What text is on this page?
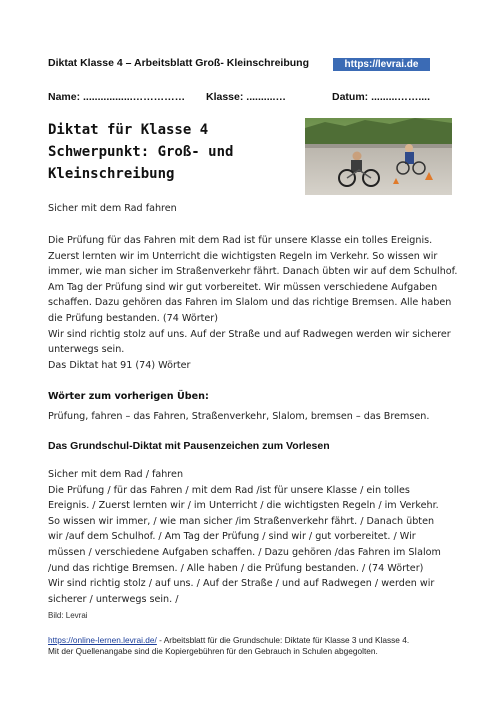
Diktat Klasse 4 – Arbeitsblatt Groß- Kleinschreibung	https://levrai.de
Name: .................…………… Klasse: ..........…	Datum: .........……....
Diktat für Klasse 4
Schwerpunkt: Groß- und
Kleinschreibung
Sicher mit dem Rad fahren
Die Prüfung für das Fahren mit dem Rad ist für unsere Klasse ein tolles Ereignis.
Zuerst lernten wir im Unterricht die wichtigsten Regeln im Verkehr. So wissen wir
immer, wie man sicher im Straßenverkehr fährt. Danach übten wir auf dem Schulhof.
Am Tag der Prüfung sind wir gut vorbereitet. Wir müssen verschiedene Aufgaben
schaffen. Dazu gehören das Fahren im Slalom und das richtige Bremsen. Alle haben
die Prüfung bestanden. (74 Wörter)
Wir sind richtig stolz auf uns. Auf der Straße und auf Radwegen werden wir sicherer
unterwegs sein.
Das Diktat hat 91 (74) Wörter
Wörter zum vorherigen Üben:
Prüfung, fahren – das Fahren, Straßenverkehr, Slalom, bremsen – das Bremsen.
Das Grundschul-Diktat mit Pausenzeichen zum Vorlesen
Sicher mit dem Rad / fahren
Die Prüfung / für das Fahren / mit dem Rad /ist für unsere Klasse / ein tolles
Ereignis. / Zuerst lernten wir / im Unterricht / die wichtigsten Regeln / im Verkehr.
So wissen wir immer, / wie man sicher /im Straßenverkehr fährt. / Danach übten
wir /auf dem Schulhof. / Am Tag der Prüfung / sind wir / gut vorbereitet. / Wir
müssen / verschiedene Aufgaben schaffen. / Dazu gehören /das Fahren im Slalom
/und das richtige Bremsen. / Alle haben / die Prüfung bestanden. / (74 Wörter)
Wir sind richtig stolz / auf uns. / Auf der Straße / und auf Radwegen / werden wir
sicherer / unterwegs sein. /
Bild: Levrai
https://online-lernen.levrai.de/ - Arbeitsblatt für die Grundschule: Diktate für Klasse 3 und Klasse 4.
Mit der Quellenangabe sind die Kopiergebühren für den Gebrauch in Schulen abgegolten.
